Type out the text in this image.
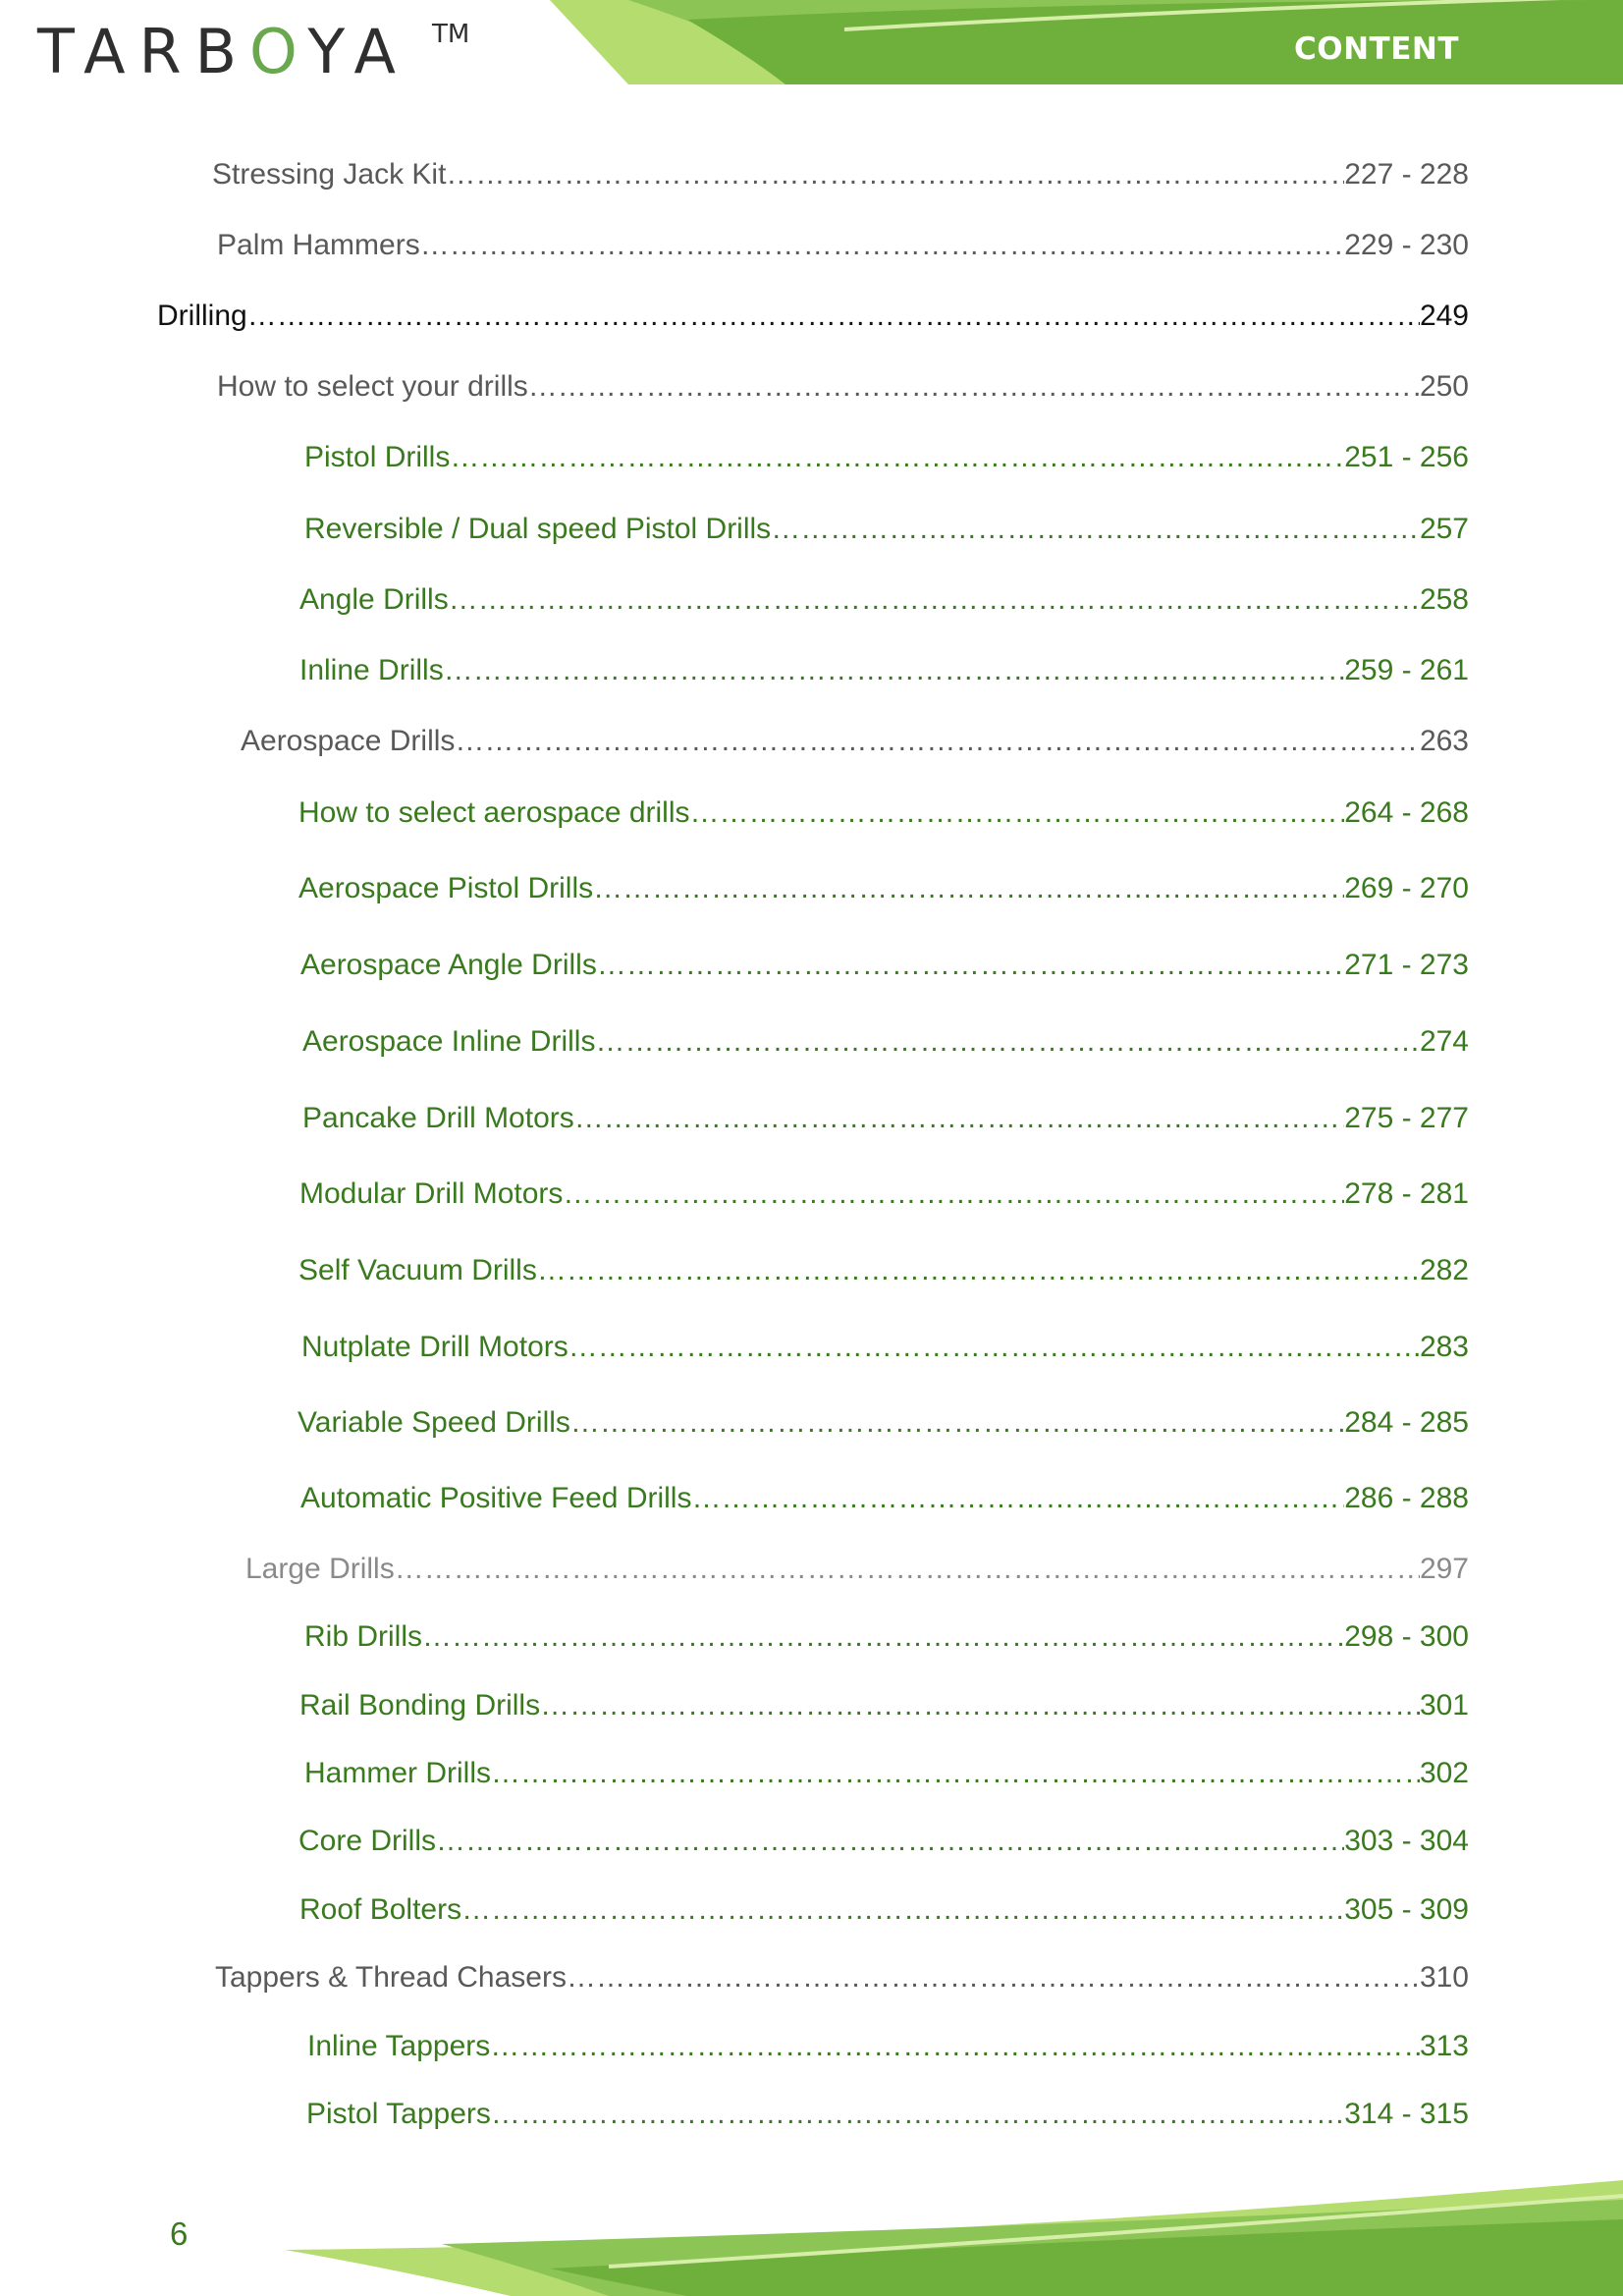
TARBOYA TM	CONTENT
Stressing Jack Kit ……………………………………………………………………………………………………………………………………………………………………………………………………………………………………	227 - 228
Palm Hammers ……………………………………………………………………………………………………………………………………………………………………………………………………………………………………	229 - 230
Drilling ……………………………………………………………………………………………………………………………………………………………………………………………………………………………………	249
How to select your drills ……………………………………………………………………………………………………………………………………………………………………………………………………………………………………	250
Pistol Drills ……………………………………………………………………………………………………………………………………………………………………………………………………………………………………	251 - 256
Reversible / Dual speed Pistol Drills ……………………………………………………………………………………………………………………………………………………………………………………………………………………………………	257
Angle Drills ……………………………………………………………………………………………………………………………………………………………………………………………………………………………………	258
Inline Drills ……………………………………………………………………………………………………………………………………………………………………………………………………………………………………	259 - 261
Aerospace Drills ……………………………………………………………………………………………………………………………………………………………………………………………………………………………………	263
How to select aerospace drills ……………………………………………………………………………………………………………………………………………………………………………………………………………………………………	264 - 268
Aerospace Pistol Drills ……………………………………………………………………………………………………………………………………………………………………………………………………………………………………	269 - 270
Aerospace Angle Drills ……………………………………………………………………………………………………………………………………………………………………………………………………………………………………	271 - 273
Aerospace Inline Drills ……………………………………………………………………………………………………………………………………………………………………………………………………………………………………	274
Pancake Drill Motors ……………………………………………………………………………………………………………………………………………………………………………………………………………………………………	275 - 277
Modular Drill Motors ……………………………………………………………………………………………………………………………………………………………………………………………………………………………………	278 - 281
Self Vacuum Drills ……………………………………………………………………………………………………………………………………………………………………………………………………………………………………	282
Nutplate Drill Motors ……………………………………………………………………………………………………………………………………………………………………………………………………………………………………	283
Variable Speed Drills ……………………………………………………………………………………………………………………………………………………………………………………………………………………………………	284 - 285
Automatic Positive Feed Drills ……………………………………………………………………………………………………………………………………………………………………………………………………………………………………	286 - 288
Large Drills ……………………………………………………………………………………………………………………………………………………………………………………………………………………………………	297
Rib Drills ……………………………………………………………………………………………………………………………………………………………………………………………………………………………………	298 - 300
Rail Bonding Drills ……………………………………………………………………………………………………………………………………………………………………………………………………………………………………	301
Hammer Drills ……………………………………………………………………………………………………………………………………………………………………………………………………………………………………	302
Core Drills ……………………………………………………………………………………………………………………………………………………………………………………………………………………………………	303 - 304
Roof Bolters ……………………………………………………………………………………………………………………………………………………………………………………………………………………………………	305 - 309
Tappers & Thread Chasers ……………………………………………………………………………………………………………………………………………………………………………………………………………………………………	310
Inline Tappers ……………………………………………………………………………………………………………………………………………………………………………………………………………………………………	313
Pistol Tappers ……………………………………………………………………………………………………………………………………………………………………………………………………………………………………	314 - 315
6
